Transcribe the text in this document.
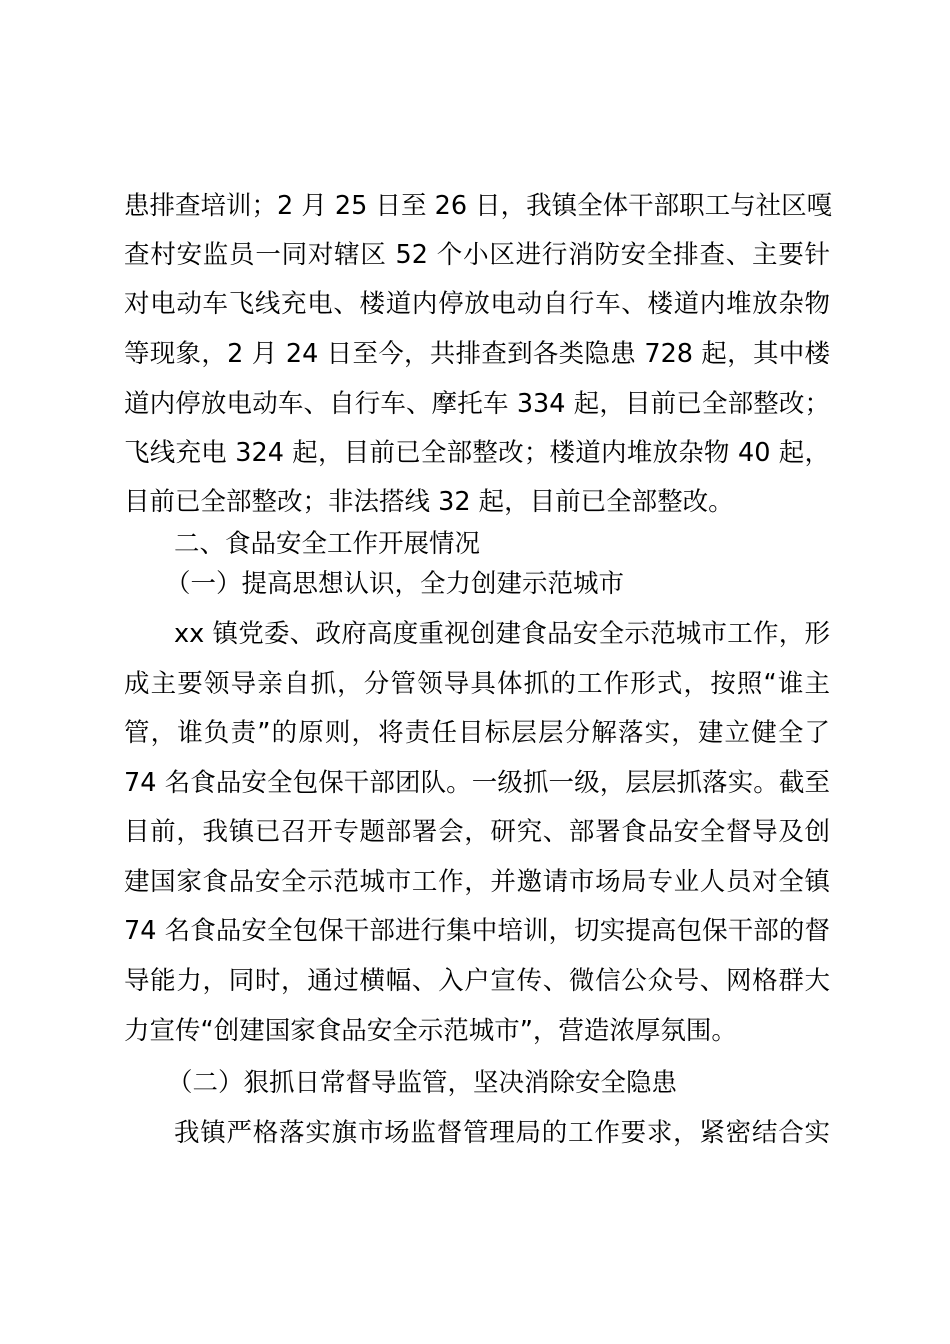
患排查培训；2 月 25 日至 26 日，我镇全体干部职工与社区嘎
查村安监员一同对辖区 52 个小区进行消防安全排查、主要针
对电动车飞线充电、楼道内停放电动自行车、楼道内堆放杂物
等现象，2 月 24 日至今，共排查到各类隐患 728 起，其中楼
道内停放电动车、自行车、摩托车 334 起，目前已全部整改；
飞线充电 324 起，目前已全部整改；楼道内堆放杂物 40 起，
目前已全部整改；非法搭线 32 起，目前已全部整改。
二、食品安全工作开展情况
（一）提高思想认识，全力创建示范城市
xx 镇党委、政府高度重视创建食品安全示范城市工作，形
成主要领导亲自抓，分管领导具体抓的工作形式，按照“谁主
管，谁负责”的原则，将责任目标层层分解落实，建立健全了
74 名食品安全包保干部团队。一级抓一级，层层抓落实。截至
目前，我镇已召开专题部署会，研究、部署食品安全督导及创
建国家食品安全示范城市工作，并邀请市场局专业人员对全镇
74 名食品安全包保干部进行集中培训，切实提高包保干部的督
导能力，同时，通过横幅、入户宣传、微信公众号、网格群大
力宣传“创建国家食品安全示范城市”，营造浓厚氛围。
（二）狠抓日常督导监管，坚决消除安全隐患
我镇严格落实旗市场监督管理局的工作要求，紧密结合实
